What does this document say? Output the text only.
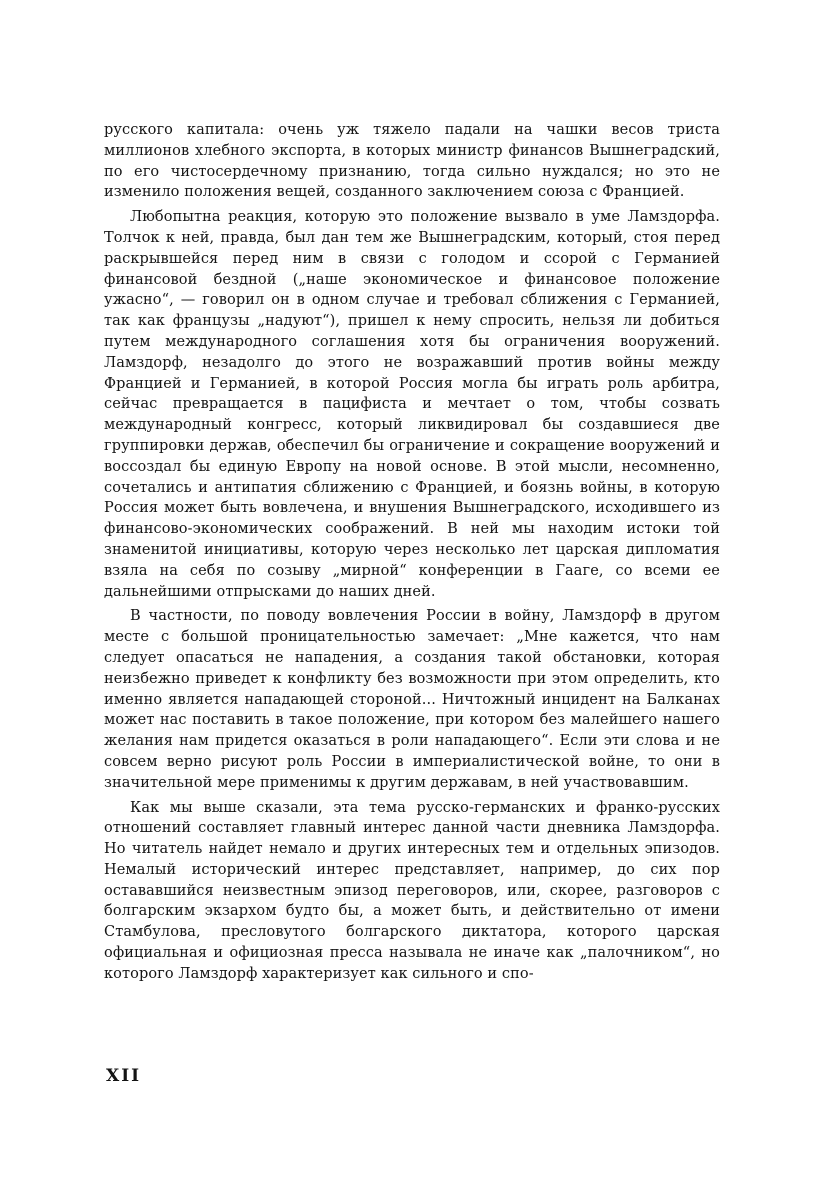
русского капитала: очень уж тяжело падали на чашки весов триста миллионов хлебного экспорта, в которых министр финансов Вышнеградский, по его чистосердечному признанию, тогда сильно нуждался; но это не изменило положения вещей, созданного заключением союза с Францией.

Любопытна реакция, которую это положение вызвало в уме Ламздорфа. Толчок к ней, правда, был дан тем же Вышнеградским, который, стоя перед раскрывшейся перед ним в связи с голодом и ссорой с Германией финансовой бездной („наше экономическое и финансовое положение ужасно“, — говорил он в одном случае и требовал сближения с Германией, так как французы „надуют“), пришел к нему спросить, нельзя ли добиться путем международного соглашения хотя бы ограничения вооружений. Ламздорф, незадолго до этого не возражавший против войны между Францией и Германией, в которой Россия могла бы играть роль арбитра, сейчас превращается в пацифиста и мечтает о том, чтобы созвать международный конгресс, который ликвидировал бы создавшиеся две группировки держав, обеспечил бы ограничение и сокращение вооружений и воссоздал бы единую Европу на новой основе. В этой мысли, несомненно, сочетались и антипатия сближению с Францией, и боязнь войны, в которую Россия может быть вовлечена, и внушения Вышнеградского, исходившего из финансово-экономических соображений. В ней мы находим истоки той знаменитой инициативы, которую через несколько лет царская дипломатия взяла на себя по созыву „мирной“ конференции в Гааге, со всеми ее дальнейшими отпрысками до наших дней.

В частности, по поводу вовлечения России в войну, Ламздорф в другом месте с большой проницательностью замечает: „Мне кажется, что нам следует опасаться не нападения, а создания такой обстановки, которая неизбежно приведет к конфликту без возможности при этом определить, кто именно является нападающей стороной... Ничтожный инцидент на Балканах может нас поставить в такое положение, при котором без малейшего нашего желания нам придется оказаться в роли нападающего“. Если эти слова и не совсем верно рисуют роль России в империалистической войне, то они в значительной мере применимы к другим державам, в ней участвовавшим.

Как мы выше сказали, эта тема русско-германских и франко-русских отношений составляет главный интерес данной части дневника Ламздорфа. Но читатель найдет немало и других интересных тем и отдельных эпизодов. Немалый исторический интерес представляет, например, до сих пор остававшийся неизвестным эпизод переговоров, или, скорее, разговоров с болгарским экзархом будто бы, а может быть, и действительно от имени Стамбулова, пресловутого болгарского диктатора, которого царская официальная и официозная пресса называла не иначе как „палочником“, но которого Ламздорф характеризует как сильного и спо-

XII
